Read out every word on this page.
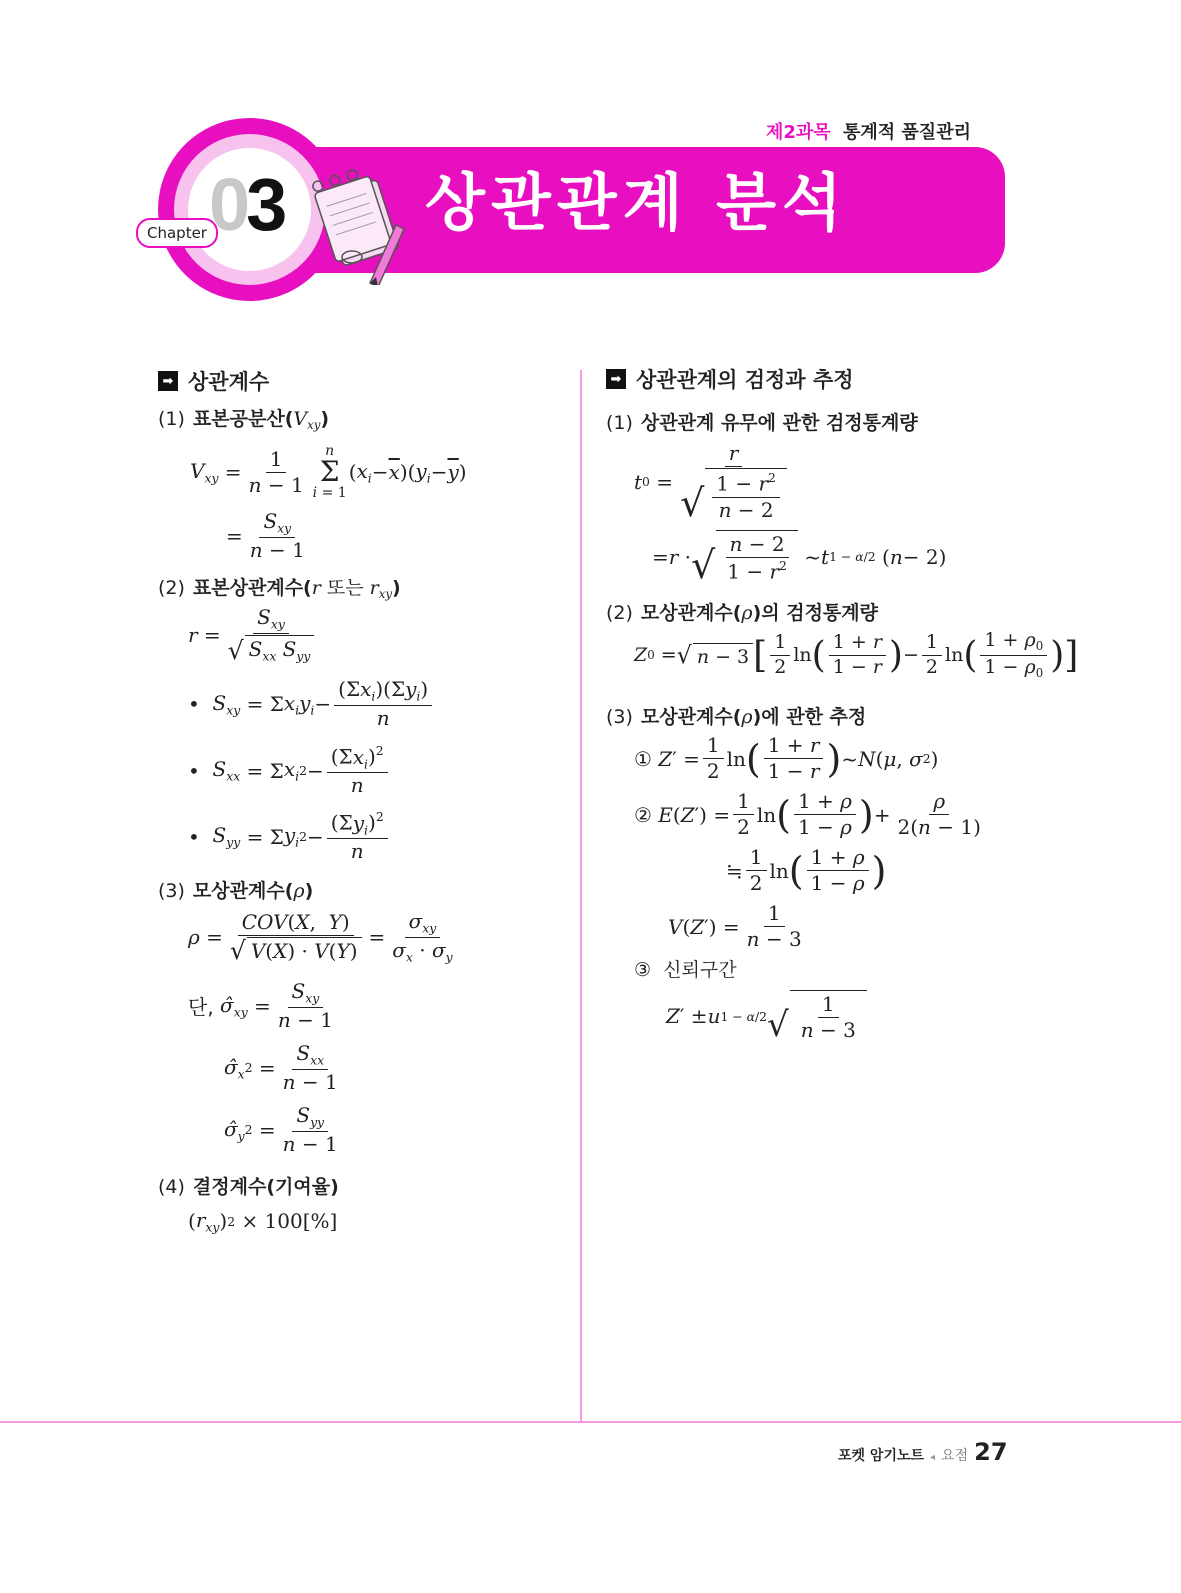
제2과목 통계적 품질관리
Chapter 03 상관관계 분석
➡ 상관계수
(1) 표본공분산$(V_{xy})$
$V_{xy} = \frac{1}{n - 1}$ n
Σ
i = 1
( $x_i - \overline{x}$ )( $y_i - \overline{y}$ )
= $\frac{S_{xy}}{n - 1}$
(2) 표본상관계수(r 또는 $r_{xy}$)
$r = \frac{S_{xy}}{√ S_{xx} S_{yy}}$
• $S_{xy} = \Sigma$ $x_iy_i - \frac{(\Sigma x_i)(\Sigma y_i)}{n}$
• $S_{xx} = \Sigma$ $x_i$ $2 - \frac{(\Sigma x_i)^2}{n}$
• $S_{yy} = \Sigma$ $y_i$ $2 - \frac{(\Sigma y_i)^2}{n}$
(3) 모상관계수(ρ)
$\rho = \frac{\text{COV(X,  Y)}}{√ V(X) \cdot V(Y)} = \frac{\sigma_{xy}}{\sigma_x \cdot \sigma_y}$
단,
$\sigmâ_{xy} = \frac{S_{xy}}{n - 1}$
$\sigmâ_x$ $2 = \frac{S_{xx}}{n - 1}$
$\sigmâ_y$ $2 = \frac{S_{yy}}{n - 1}$
(4) 결정계수(기여율)
( $r_{xy}$ ) 2
× 100[%]
➡ 상관관계의 검정과 추정
(1) 상관관계 유무에 관한 검정통계량
t $0 = \frac{r}{√ \frac{1 - r^2}{n - 2}}$
= r · √ $\frac{n - 2}{1 - r^2}$ ~ t 1 − α/2 ( n − 2)
(2) 모상관계수(ρ)의 검정통계량
Z 0 = √ n − 3 [ $\frac{1}{2}$ ln ( $\frac{1 + r}{1 - r}$ ) − $\frac{1}{2}$ ln ( $\frac{1 + \rho_0}{1 - \rho_0}$ ) ]
(3) 모상관계수(ρ)에 관한 추정
①
Z ′ = $\frac{1}{2}$ ln ( $\frac{1 + r}{1 - r}$ ) ~ N ( μ , σ 2 )
②
E ( Z ′) = $\frac{1}{2}$ ln ( $\frac{1 + \rho}{1 - \rho}$ ) + $\frac{\rho}{2(n - 1)}$
≒ $\frac{1}{2}$ ln ( $\frac{1 + \rho}{1 - \rho}$ )
V ( Z ′) = $\frac{1}{n - 3}$
③ 신뢰구간
Z ′ ± u 1 − α/2 √ $\frac{1}{n - 3}$
포켓 암기노트 ◂ 요점 27
